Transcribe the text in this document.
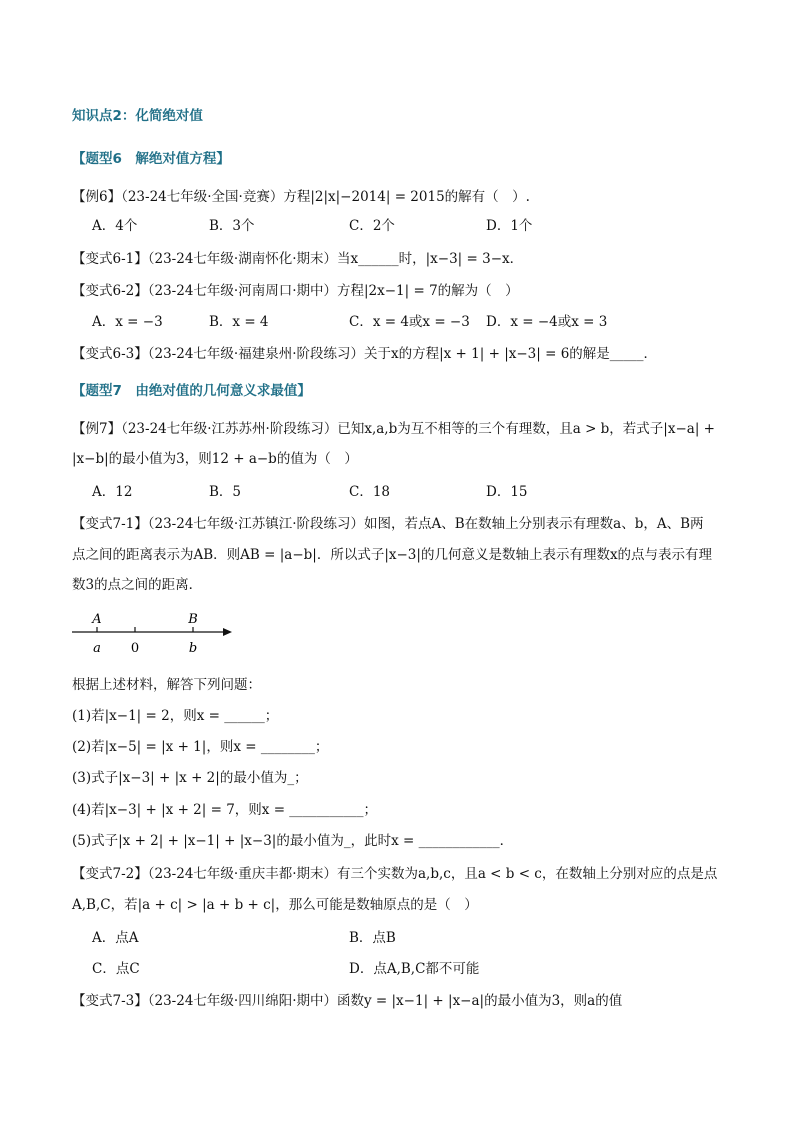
知识点2：化简绝对值
【题型6　解绝对值方程】
【例6】（23-24七年级·全国·竞赛）方程|2|x|−2014| = 2015的解有（　）.
A．4个	B．3个	C．2个	D．1个
【变式6-1】（23-24七年级·湖南怀化·期末）当x______时，|x−3| = 3−x．
【变式6-2】（23-24七年级·河南周口·期中）方程|2x−1| = 7的解为（　）
A．x = −3	B．x = 4	C．x = 4或x = −3 D．x = −4或x = 3
【变式6-3】（23-24七年级·福建泉州·阶段练习）关于x的方程|x + 1| + |x−3| = 6的解是_____．
【题型7　由绝对值的几何意义求最值】
【例7】（23-24七年级·江苏苏州·阶段练习）已知x,a,b为互不相等的三个有理数，且a > b，若式子|x−a| +
|x−b|的最小值为3，则12 + a−b的值为（　）
A．12	B．5	C．18	D．15
【变式7-1】（23-24七年级·江苏镇江·阶段练习）如图，若点A、B在数轴上分别表示有理数a、b，A、B两
点之间的距离表示为AB．则AB = |a−b|．所以式子|x−3|的几何意义是数轴上表示有理数x的点与表示有理
数3的点之间的距离．
A	B
a 0	b
根据上述材料，解答下列问题：
(1)若|x−1| = 2，则x = ______；
(2)若|x−5| = |x + 1|，则x = ________；
(3)式子|x−3| + |x + 2|的最小值为_；
(4)若|x−3| + |x + 2| = 7，则x = ___________；
(5)式子|x + 2| + |x−1| + |x−3|的最小值为_，此时x = ____________．
【变式7-2】（23-24七年级·重庆丰都·期末）有三个实数为a,b,c，且a < b < c，在数轴上分别对应的点是点
A,B,C，若|a + c| > |a + b + c|，那么可能是数轴原点的是（　）
A．点A	B．点B
C．点C	D．点A,B,C都不可能
【变式7-3】（23-24七年级·四川绵阳·期中）函数y = |x−1| + |x−a|的最小值为3，则a的值
